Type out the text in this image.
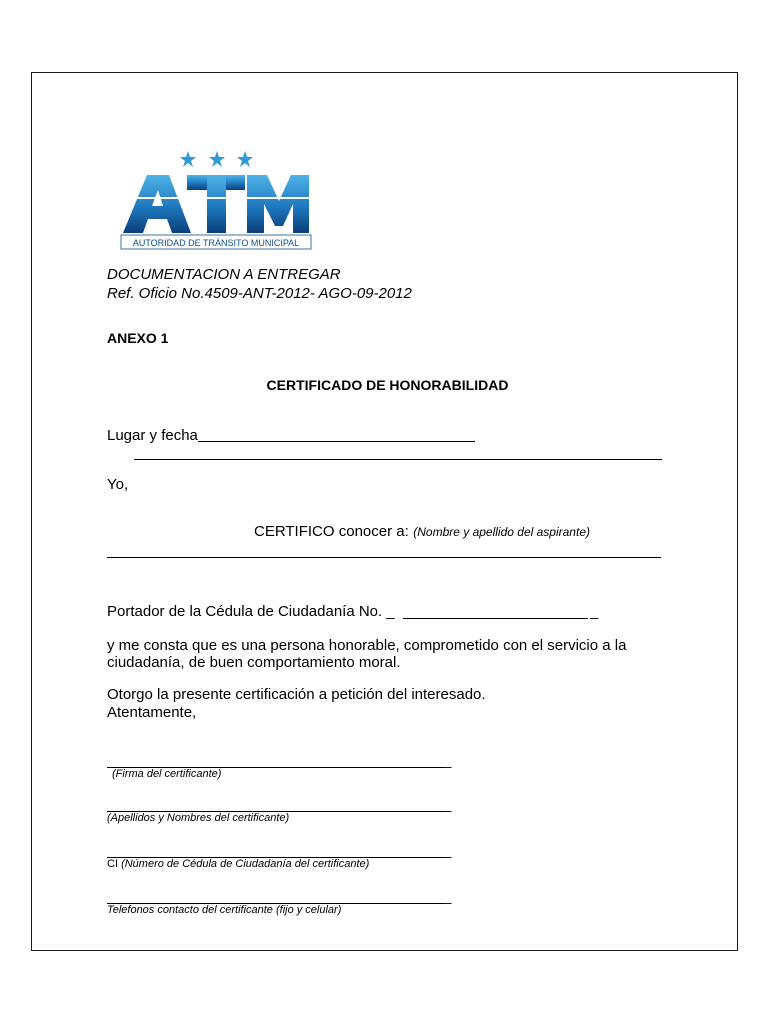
AUTORIDAD DE TRÁNSITO MUNICIPAL
DOCUMENTACION A ENTREGAR
Ref. Oficio No.4509-ANT-2012- AGO-09-2012
ANEXO 1
CERTIFICADO DE HONORABILIDAD
Lugar y fecha
Yo,
CERTIFICO conocer a: (Nombre y apellido del aspirante)
Portador de la Cédula de Ciudadanía No. _	_
y me consta que es una persona honorable, comprometido con el servicio a la
ciudadanía, de buen comportamiento moral.
Otorgo la presente certificación a petición del interesado.
Atentamente,
_
(Firma del certificante)
_
(Apellidos y Nombres del certificante)
_
CI (Número de Cédula de Ciudadanía del certificante)
_
Telefonos contacto del certificante (fijo y celular)
